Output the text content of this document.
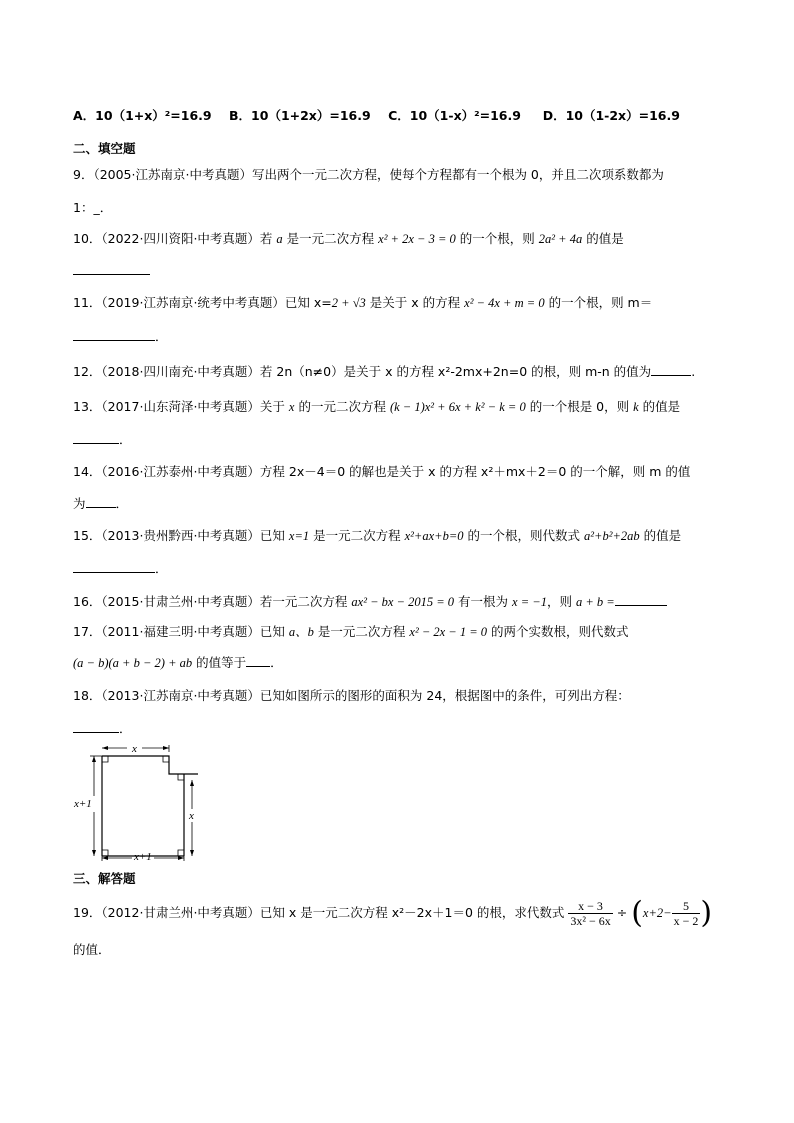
A．10（1+x）²=16.9 B．10（1+2x）=16.9 C．10（1-x）²=16.9 D．10（1-2x）=16.9
二、填空题
9．（2005·江苏南京·中考真题）写出两个一元二次方程，使每个方程都有一个根为 0，并且二次项系数都为
1：_．
10．（2022·四川资阳·中考真题）若 a 是一元二次方程 x² + 2x − 3 = 0 的一个根，则 2a² + 4a 的值是
11．（2019·江苏南京·统考中考真题）已知 x=2 + √3 是关于 x 的方程 x² − 4x + m = 0 的一个根，则 m＝
．
12．（2018·四川南充·中考真题）若 2n（n≠0）是关于 x 的方程 x²-2mx+2n=0 的根，则 m-n 的值为	.
13．（2017·山东菏泽·中考真题）关于 x 的一元二次方程 (k − 1)x² + 6x + k² − k = 0 的一个根是 0，则 k 的值是
．
14．（2016·江苏泰州·中考真题）方程 2x－4＝0 的解也是关于 x 的方程 x²＋mx＋2＝0 的一个解，则 m 的值
为 ．
15．（2013·贵州黔西·中考真题）已知 x=1 是一元二次方程 x²+ax+b=0 的一个根，则代数式 a²+b²+2ab 的值是
．
16．（2015·甘肃兰州·中考真题）若一元二次方程 ax² − bx − 2015 = 0 有一根为 x = −1，则 a + b =
17．（2011·福建三明·中考真题）已知 a、b 是一元二次方程 x² − 2x − 1 = 0 的两个实数根，则代数式
(a − b)(a + b − 2) + ab 的值等于 ．
18．（2013·江苏南京·中考真题）已知如图所示的图形的面积为 24，根据图中的条件，可列出方程：
．
x
x+1
x
x+1
三、解答题
19．（2012·甘肃兰州·中考真题）已知 x 是一元二次方程 x²－2x＋1＝0 的根，求代数式 $\frac{x - 3}{\text{3x² − 6x}} \div (x+2- \frac{5}{x - 2}$ )
的值．
